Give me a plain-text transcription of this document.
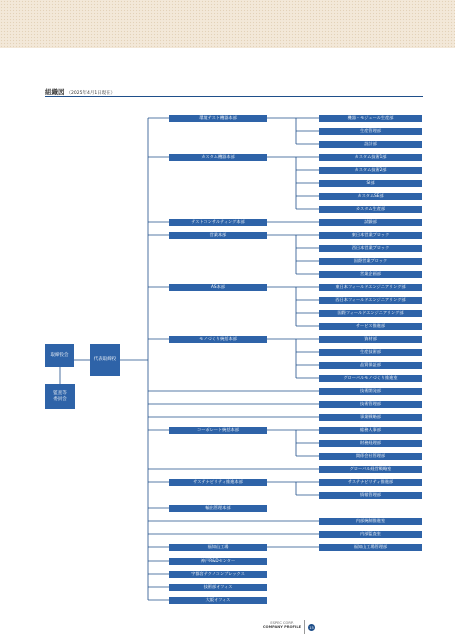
組織図 （2025年4月1日現在）
取締役会
代表取締役
監査等
委員会
環境テスト機器本部
カスタム機器本部
テストコンサルティング本部
営業本部
AS本部
モノづくり統括本部
コーポレート統括本部
サステナビリティ推進本部
輸出管理本部
福知山工場
神戸R&Dセンター
宇都宮テクノコンプレックス
技術部オフィス
大阪オフィス
機器・モジュール生産部
生産管理部
設計部
カスタム技術1部
カスタム技術2部
SI部
カスタムSE部
カスタム生産部
試験部
東日本営業ブロック
西日本営業ブロック
国際営業ブロック
営業企画部
東日本フィールドエンジニアリング部
西日本フィールドエンジニアリング部
国際フィールドエンジニアリング部
サービス推進部
資材部
生産技術部
品質保証部
グローバルモノづくり推進室
技術開発部
技術管理部
事業戦略部
総務人事部
財務経理部
関係会社管理部
グローバル経営戦略室
サステナビリティ推進部
情報管理部
内部統制推進室
内部監査室
福知山工場管理部
ESPEC CORP.
COMPANY PROFILE	15
